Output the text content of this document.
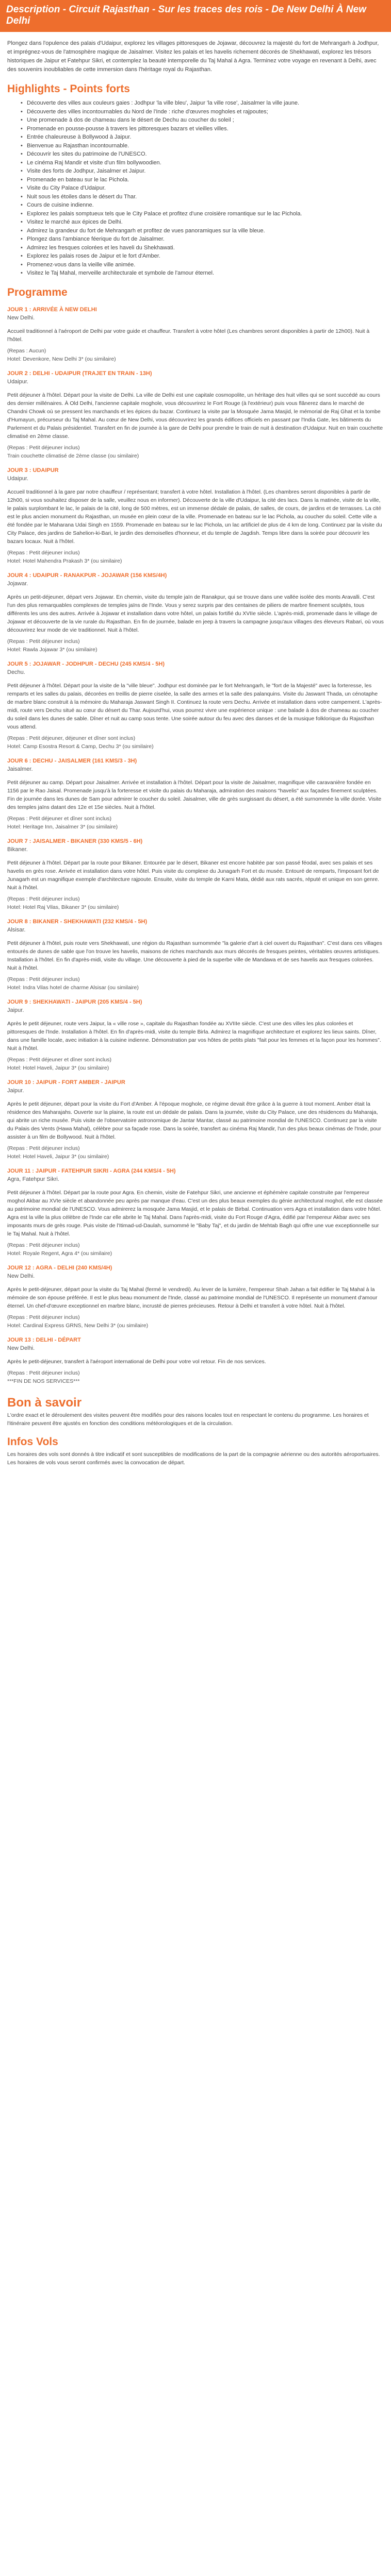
Description - Circuit Rajasthan - Sur les traces des rois - De New Delhi À New Delhi
Plongez dans l'opulence des palais d'Udaipur, explorez les villages pittoresques de Jojawar, découvrez la majesté du fort de Mehrangarh à Jodhpur, et imprégnez-vous de l'atmosphère magique de Jaisalmer. Visitez les palais et les havelis richement décorés de Shekhawati, explorez les trésors historiques de Jaipur et Fatehpur Sikri, et contemplez la beauté intemporelle du Taj Mahal à Agra. Terminez votre voyage en revenant à Delhi, avec des souvenirs inoubliables de cette immersion dans l'héritage royal du Rajasthan.
Highlights - Points forts
• Découverte des villes aux couleurs gaies : Jodhpur 'la ville bleu', Jaipur 'la ville rose', Jaisalmer la ville jaune.
• Découverte des villes incontournables du Nord de l'Inde : riche d'œuvres mogholes et rajpoutes;
• Une promenade à dos de chameau dans le désert de Dechu au coucher du soleil ;
• Promenade en pousse-pousse à travers les pittoresques bazars et vieilles villes.
• Entrée chaleureuse à Bollywood à Jaipur.
• Bienvenue au Rajasthan incontournable.
• Découvrir les sites du patrimoine de l'UNESCO.
• Le cinéma Raj Mandir et visite d'un film bollywoodien.
• Visite des forts de Jodhpur, Jaisalmer et Jaipur.
• Promenade en bateau sur le lac Pichola.
• Visite du City Palace d'Udaipur.
• Nuit sous les étoiles dans le désert du Thar.
• Cours de cuisine indienne.
• Explorez les palais somptueux tels que le City Palace et profitez d'une croisière romantique sur le lac Pichola.
• Visitez le marché aux épices de Delhi.
• Admirez la grandeur du fort de Mehrangarh et profitez de vues panoramiques sur la ville bleue.
• Plongez dans l'ambiance féerique du fort de Jaisalmer.
• Admirez les fresques colorées et les haveli du Shekhawati.
• Explorez les palais roses de Jaipur et le fort d'Amber.
• Promenez-vous dans la vieille ville animée.
• Visitez le Taj Mahal, merveille architecturale et symbole de l'amour éternel.
Programme
JOUR 1 : ARRIVÉE À NEW DELHI
New Delhi.
Accueil traditionnel à l'aéroport de Delhi par votre guide et chauffeur. Transfert à votre hôtel (Les chambres seront disponibles à partir de 12h00). Nuit à l'hôtel.
(Repas : Aucun)
Hotel: Devenkore, New Delhi 3* (ou similaire)
JOUR 2 : DELHI - UDAIPUR (TRAJET EN TRAIN - 13H)
Udaipur.
Petit déjeuner à l'hôtel. Départ pour la visite de Delhi. La ville de Delhi est une capitale cosmopolite, un héritage des huit villes qui se sont succédé au cours des dernier millénaires. À Old Delhi, l'ancienne capitale moghole, vous découvrirez le Fort Rouge (à l'extérieur) puis vous flânerez dans le marché de Chandni Chowk où se pressent les marchands et les épices du bazar. Continuez la visite par la Mosquée Jama Masjid, le mémorial de Raj Ghat et la tombe d'Humayun, précurseur du Taj Mahal. Au cœur de New Delhi, vous découvrirez les grands édifices officiels en passant par l'India Gate, les bâtiments du Parlement et du Palais présidentiel. Transfert en fin de journée à la gare de Delhi pour prendre le train de nuit à destination d'Udaipur. Nuit en train couchette climatisé en 2ème classe.
(Repas : Petit déjeuner inclus)
Train couchette climatisé de 2ème classe (ou similaire)
JOUR 3 : UDAIPUR
Udaipur.
Accueil traditionnel à la gare par notre chauffeur / représentant; transfert à votre hôtel. Installation à l'hôtel. (Les chambres seront disponibles à partir de 12h00, si vous souhaitez disposer de la salle, veuillez nous en informer). Découverte de la ville d'Udaipur, la cité des lacs. Dans la matinée, visite de la ville, le palais surplombant le lac, le palais de la cité, long de 500 mètres, est un immense dédale de palais, de salles, de cours, de jardins et de terrasses. La cité est le plus ancien monument du Rajasthan, un musée en plein cœur de la ville. Promenade en bateau sur le lac Pichola, au coucher du soleil. Cette ville a été fondée par le Maharana Udai Singh en 1559. Promenade en bateau sur le lac Pichola, un lac artificiel de plus de 4 km de long. Continuez par la visite du City Palace, des jardins de Sahelion-ki-Bari, le jardin des demoiselles d'honneur, et du temple de Jagdish. Temps libre dans la soirée pour découvrir les bazars locaux. Nuit à l'hôtel.
(Repas : Petit déjeuner inclus)
Hotel: Hotel Mahendra Prakash 3* (ou similaire)
JOUR 4 : UDAIPUR - RANAKPUR - JOJAWAR (156 KMS/4H)
Jojawar.
Après un petit-déjeuner, départ vers Jojawar. En chemin, visite du temple jaïn de Ranakpur, qui se trouve dans une vallée isolée des monts Aravalli. C'est l'un des plus remarquables complexes de temples jaïns de l'Inde. Vous y serez surpris par des centaines de piliers de marbre finement sculptés, tous différents les uns des autres. Arrivée à Jojawar et installation dans votre hôtel, un palais fortifié du XVIIe siècle. L'après-midi, promenade dans le village de Jojawar et découverte de la vie rurale du Rajasthan. En fin de journée, balade en jeep à travers la campagne jusqu'aux villages des éleveurs Rabari, où vous découvrirez leur mode de vie traditionnel. Nuit à l'hôtel.
(Repas : Petit déjeuner inclus)
Hotel: Rawla Jojawar 3* (ou similaire)
JOUR 5 : JOJAWAR - JODHPUR - DECHU (245 KMS/4 - 5H)
Dechu.
Petit déjeuner à l'hôtel. Départ pour la visite de la "ville bleue". Jodhpur est dominée par le fort Mehrangarh, le "fort de la Majesté" avec la forteresse, les remparts et les salles du palais, décorées en treillis de pierre ciselée, la salle des armes et la salle des palanquins. Visite du Jaswant Thada, un cénotaphe de marbre blanc construit à la mémoire du Maharaja Jaswant Singh II. Continuez la route vers Dechu. Arrivée et installation dans votre campement. L'après-midi, route vers Dechu situé au cœur du désert du Thar. Aujourd'hui, vous pourrez vivre une expérience unique : une balade à dos de chameau au coucher du soleil dans les dunes de sable. Dîner et nuit au camp sous tente. Une soirée autour du feu avec des danses et de la musique folklorique du Rajasthan vous attend.
(Repas : Petit déjeuner, déjeuner et dîner sont inclus)
Hotel: Camp Esostra Resort & Camp, Dechu 3* (ou similaire)
JOUR 6 : DECHU - JAISALMER (161 KMS/3 - 3H)
Jaisalmer.
Petit déjeuner au camp. Départ pour Jaisalmer. Arrivée et installation à l'hôtel. Départ pour la visite de Jaisalmer, magnifique ville caravanière fondée en 1156 par le Rao Jaisal. Promenade jusqu'à la forteresse et visite du palais du Maharaja, admiration des maisons "havelis" aux façades finement sculptées. Fin de journée dans les dunes de Sam pour admirer le coucher du soleil. Jaisalmer, ville de grès surgissant du désert, a été surnommée la ville dorée. Visite des temples jaïns datant des 12e et 15e siècles. Nuit à l'hôtel.
(Repas : Petit déjeuner et dîner sont inclus)
Hotel: Heritage Inn, Jaisalmer 3* (ou similaire)
JOUR 7 : JAISALMER - BIKANER (330 KMS/5 - 6H)
Bikaner.
Petit déjeuner à l'hôtel. Départ par la route pour Bikaner. Entourée par le désert, Bikaner est encore habitée par son passé féodal, avec ses palais et ses havelis en grès rose. Arrivée et installation dans votre hôtel. Puis visite du complexe du Junagarh Fort et du musée. Entouré de remparts, l'imposant fort de Junagarh est un magnifique exemple d'architecture rajpoute. Ensuite, visite du temple de Karni Mata, dédié aux rats sacrés, réputé et unique en son genre. Nuit à l'hôtel.
(Repas : Petit déjeuner inclus)
Hotel: Hotel Raj Vilas, Bikaner 3* (ou similaire)
JOUR 8 : BIKANER - SHEKHAWATI (232 KMS/4 - 5H)
Alsisar.
Petit déjeuner à l'hôtel, puis route vers Shekhawati, une région du Rajasthan surnommée "la galerie d'art à ciel ouvert du Rajasthan". C'est dans ces villages entourés de dunes de sable que l'on trouve les havelis, maisons de riches marchands aux murs décorés de fresques peintes, véritables œuvres artistiques. Installation à l'hôtel. En fin d'après-midi, visite du village. Une découverte à pied de la superbe ville de Mandawa et de ses havelis aux fresques colorées. Nuit à l'hôtel.
(Repas : Petit déjeuner inclus)
Hotel: Indra Vilas hotel de charme Alsisar (ou similaire)
JOUR 9 : SHEKHAWATI - JAIPUR (205 KMS/4 - 5H)
Jaipur.
Après le petit déjeuner, route vers Jaipur, la « ville rose », capitale du Rajasthan fondée au XVIIIe siècle. C'est une des villes les plus colorées et pittoresques de l'Inde. Installation à l'hôtel. En fin d'après-midi, visite du temple Birla. Admirez la magnifique architecture et explorez les lieux saints. Dîner, dans une famille locale, avec initiation à la cuisine indienne. Démonstration par vos hôtes de petits plats "fait pour les femmes et la façon pour les hommes". Nuit à l'hôtel.
(Repas : Petit déjeuner et dîner sont inclus)
Hotel: Hotel Haveli, Jaipur 3* (ou similaire)
JOUR 10 : JAIPUR - FORT AMBER - JAIPUR
Jaipur.
Après le petit déjeuner, départ pour la visite du Fort d'Amber. À l'époque moghole, ce régime devait être grâce à la guerre à tout moment. Amber était la résidence des Maharajahs. Ouverte sur la plaine, la route est un dédale de palais. Dans la journée, visite du City Palace, une des résidences du Maharaja, qui abrite un riche musée. Puis visite de l'observatoire astronomique de Jantar Mantar, classé au patrimoine mondial de l'UNESCO. Continuez par la visite du Palais des Vents (Hawa Mahal), célèbre pour sa façade rose. Dans la soirée, transfert au cinéma Raj Mandir, l'un des plus beaux cinémas de l'Inde, pour assister à un film de Bollywood. Nuit à l'hôtel.
(Repas : Petit déjeuner inclus)
Hotel: Hotel Haveli, Jaipur 3* (ou similaire)
JOUR 11 : JAIPUR - FATEHPUR SIKRI - AGRA (244 KMS/4 - 5H)
Agra, Fatehpur Sikri.
Petit déjeuner à l'hôtel. Départ par la route pour Agra. En chemin, visite de Fatehpur Sikri, une ancienne et éphémère capitale construite par l'empereur moghol Akbar au XVIe siècle et abandonnée peu après par manque d'eau. C'est un des plus beaux exemples du génie architectural moghol, elle est classée au patrimoine mondial de l'UNESCO. Vous admirerez la mosquée Jama Masjid, et le palais de Birbal. Continuation vers Agra et installation dans votre hôtel. Agra est la ville la plus célèbre de l'Inde car elle abrite le Taj Mahal. Dans l'après-midi, visite du Fort Rouge d'Agra, édifié par l'empereur Akbar avec ses imposants murs de grès rouge. Puis visite de l'Itimad-ud-Daulah, surnommé le "Baby Taj", et du jardin de Mehtab Bagh qui offre une vue exceptionnelle sur le Taj Mahal. Nuit à l'hôtel.
(Repas : Petit déjeuner inclus)
Hotel: Royale Regent, Agra 4* (ou similaire)
JOUR 12 : AGRA - DELHI (240 KMS/4H)
New Delhi.
Après le petit-déjeuner, départ pour la visite du Taj Mahal (fermé le vendredi). Au lever de la lumière, l'empereur Shah Jahan a fait édifier le Taj Mahal à la mémoire de son épouse préférée. Il est le plus beau monument de l'Inde, classé au patrimoine mondial de l'UNESCO. Il représente un monument d'amour éternel. Un chef-d'œuvre exceptionnel en marbre blanc, incrusté de pierres précieuses. Retour à Delhi et transfert à votre hôtel. Nuit à l'hôtel.
(Repas : Petit déjeuner inclus)
Hotel: Cardinal Express GRNS, New Delhi 3* (ou similaire)
JOUR 13 : DELHI - DÉPART
New Delhi.
Après le petit-déjeuner, transfert à l'aéroport international de Delhi pour votre vol retour. Fin de nos services.
(Repas : Petit déjeuner inclus)
***FIN DE NOS SERVICES***
Bon à savoir
L'ordre exact et le déroulement des visites peuvent être modifiés pour des raisons locales tout en respectant le contenu du programme. Les horaires et l'itinéraire peuvent être ajustés en fonction des conditions météorologiques et de la circulation.
Infos Vols
Les horaires des vols sont donnés à titre indicatif et sont susceptibles de modifications de la part de la compagnie aérienne ou des autorités aéroportuaires. Les horaires de vols vous seront confirmés avec la convocation de départ.
